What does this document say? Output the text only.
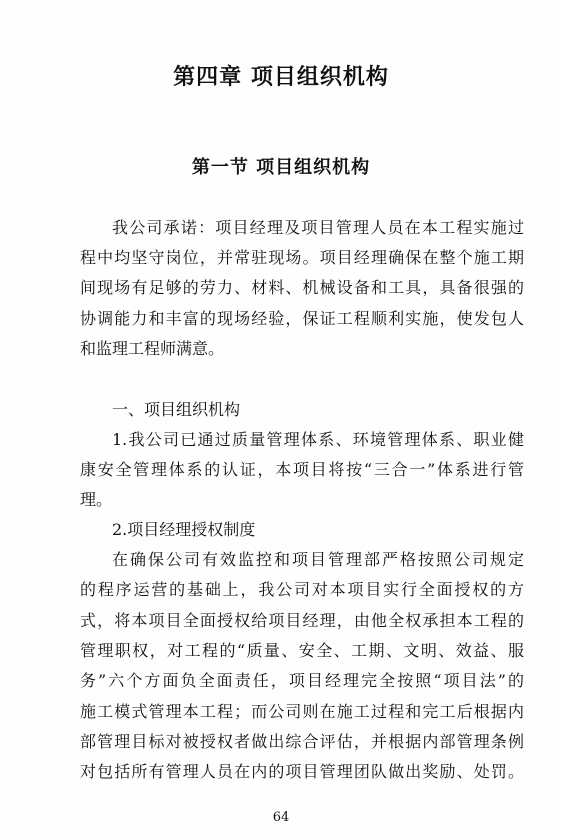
第四章 项目组织机构
第一节 项目组织机构
我公司承诺：项目经理及项目管理人员在本工程实施过
程中均坚守岗位，并常驻现场。项目经理确保在整个施工期
间现场有足够的劳力、材料、机械设备和工具，具备很强的
协调能力和丰富的现场经验，保证工程顺利实施，使发包人
和监理工程师满意。
一、项目组织机构
1.我公司已通过质量管理体系、环境管理体系、职业健
康安全管理体系的认证，本项目将按“三合一”体系进行管
理。
2.项目经理授权制度
在确保公司有效监控和项目管理部严格按照公司规定
的程序运营的基础上，我公司对本项目实行全面授权的方
式，将本项目全面授权给项目经理，由他全权承担本工程的
管理职权，对工程的“质量、安全、工期、文明、效益、服
务”六个方面负全面责任，项目经理完全按照“项目法”的
施工模式管理本工程；而公司则在施工过程和完工后根据内
部管理目标对被授权者做出综合评估，并根据内部管理条例
对包括所有管理人员在内的项目管理团队做出奖励、处罚。
64
